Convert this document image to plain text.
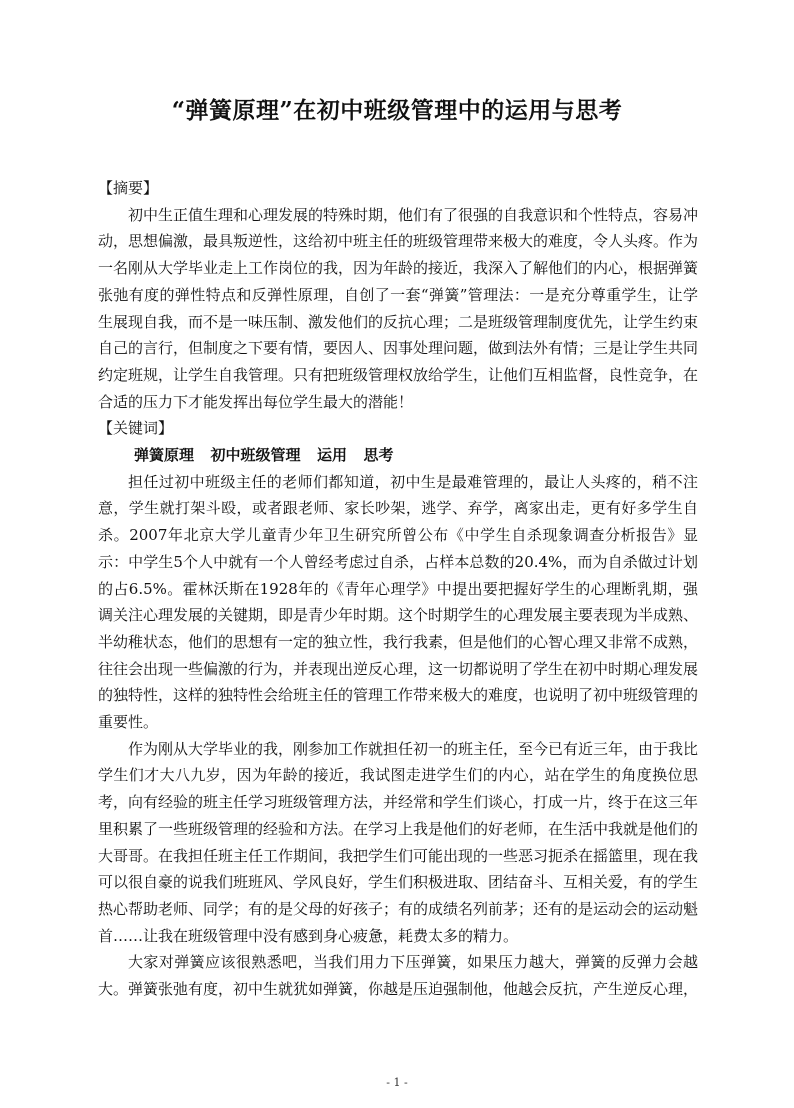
“弹簧原理”在初中班级管理中的运用与思考

【摘要】

初中生正值生理和心理发展的特殊时期，他们有了很强的自我意识和个性特点，容易冲动，思想偏激，最具叛逆性，这给初中班主任的班级管理带来极大的难度，令人头疼。作为一名刚从大学毕业走上工作岗位的我，因为年龄的接近，我深入了解他们的内心，根据弹簧张弛有度的弹性特点和反弹性原理，自创了一套“弹簧”管理法：一是充分尊重学生，让学生展现自我，而不是一味压制、激发他们的反抗心理；二是班级管理制度优先，让学生约束自己的言行，但制度之下要有情，要因人、因事处理问题，做到法外有情；三是让学生共同约定班规，让学生自我管理。只有把班级管理权放给学生，让他们互相监督，良性竞争，在合适的压力下才能发挥出每位学生最大的潜能！

【关键词】

弹簧原理 初中班级管理 运用 思考

担任过初中班级主任的老师们都知道，初中生是最难管理的，最让人头疼的，稍不注意，学生就打架斗殴，或者跟老师、家长吵架，逃学、弃学，离家出走，更有好多学生自杀。2007年北京大学儿童青少年卫生研究所曾公布《中学生自杀现象调查分析报告》显示：中学生5个人中就有一个人曾经考虑过自杀，占样本总数的20.4%，而为自杀做过计划的占6.5%。霍林沃斯在1928年的《青年心理学》中提出要把握好学生的心理断乳期，强调关注心理发展的关键期，即是青少年时期。这个时期学生的心理发展主要表现为半成熟、半幼稚状态，他们的思想有一定的独立性，我行我素，但是他们的心智心理又非常不成熟，往往会出现一些偏激的行为，并表现出逆反心理，这一切都说明了学生在初中时期心理发展的独特性，这样的独特性会给班主任的管理工作带来极大的难度，也说明了初中班级管理的重要性。

作为刚从大学毕业的我，刚参加工作就担任初一的班主任，至今已有近三年，由于我比学生们才大八九岁，因为年龄的接近，我试图走进学生们的内心，站在学生的角度换位思考，向有经验的班主任学习班级管理方法，并经常和学生们谈心，打成一片，终于在这三年里积累了一些班级管理的经验和方法。在学习上我是他们的好老师，在生活中我就是他们的大哥哥。在我担任班主任工作期间，我把学生们可能出现的一些恶习扼杀在摇篮里，现在我可以很自豪的说我们班班风、学风良好，学生们积极进取、团结奋斗、互相关爱，有的学生热心帮助老师、同学；有的是父母的好孩子；有的成绩名列前茅；还有的是运动会的运动魁首……让我在班级管理中没有感到身心疲惫，耗费太多的精力。

大家对弹簧应该很熟悉吧，当我们用力下压弹簧，如果压力越大，弹簧的反弹力会越大。弹簧张弛有度，初中生就犹如弹簧，你越是压迫强制他，他越会反抗，产生逆反心理，

- 1 -
